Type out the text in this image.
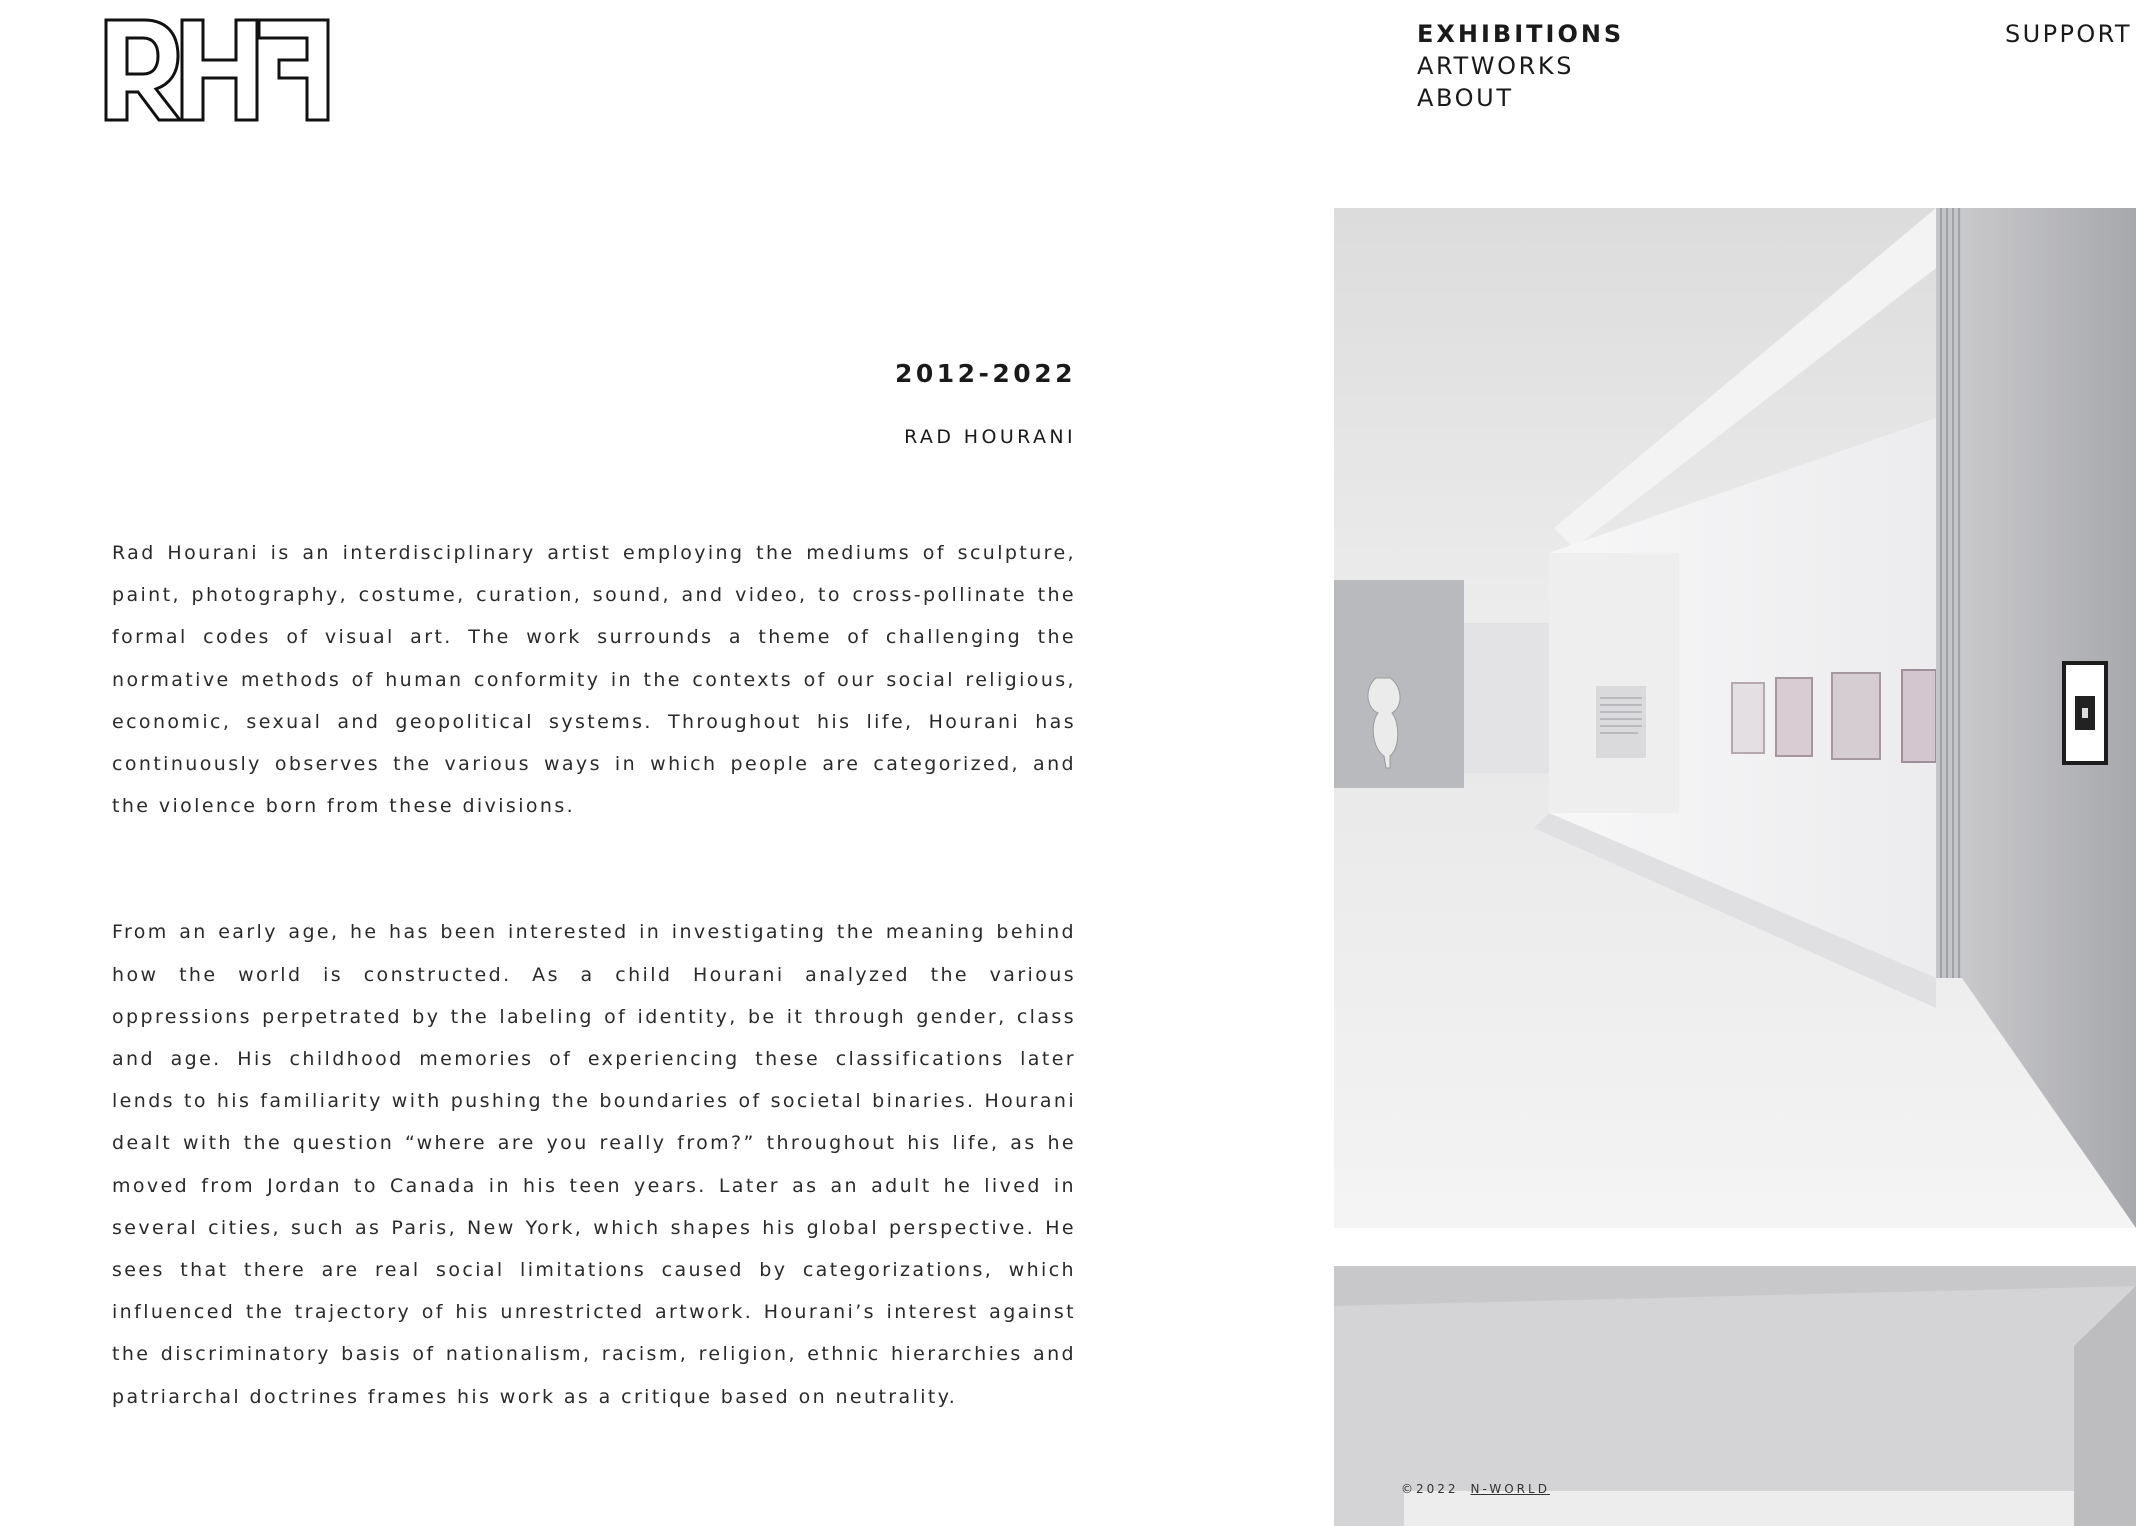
EXHIBITIONS
ARTWORKS
ABOUT
SUPPORT
2012-2022
RAD HOURANI

Rad Hourani is an interdisciplinary artist employing the mediums of sculpture, paint, photography, costume, curation, sound, and video, to cross-pollinate the formal codes of visual art. The work surrounds a theme of challenging the normative methods of human conformity in the contexts of our social religious, economic, sexual and geopolitical systems. Throughout his life, Hourani has continuously observes the various ways in which people are categorized, and the violence born from these divisions.

From an early age, he has been interested in investigating the meaning behind how the world is constructed. As a child Hourani analyzed the various oppressions perpetrated by the labeling of identity, be it through gender, class and age. His childhood memories of experiencing these classifications later lends to his familiarity with pushing the boundaries of societal binaries. Hourani dealt with the question “where are you really from?” throughout his life, as he moved from Jordan to Canada in his teen years. Later as an adult he lived in several cities, such as Paris, New York, which shapes his global perspective. He sees that there are real social limitations caused by categorizations, which influenced the trajectory of his unrestricted artwork. Hourani’s interest against the discriminatory basis of nationalism, racism, religion, ethnic hierarchies and patriarchal doctrines frames his work as a critique based on neutrality.

©2022 N-WORLD
